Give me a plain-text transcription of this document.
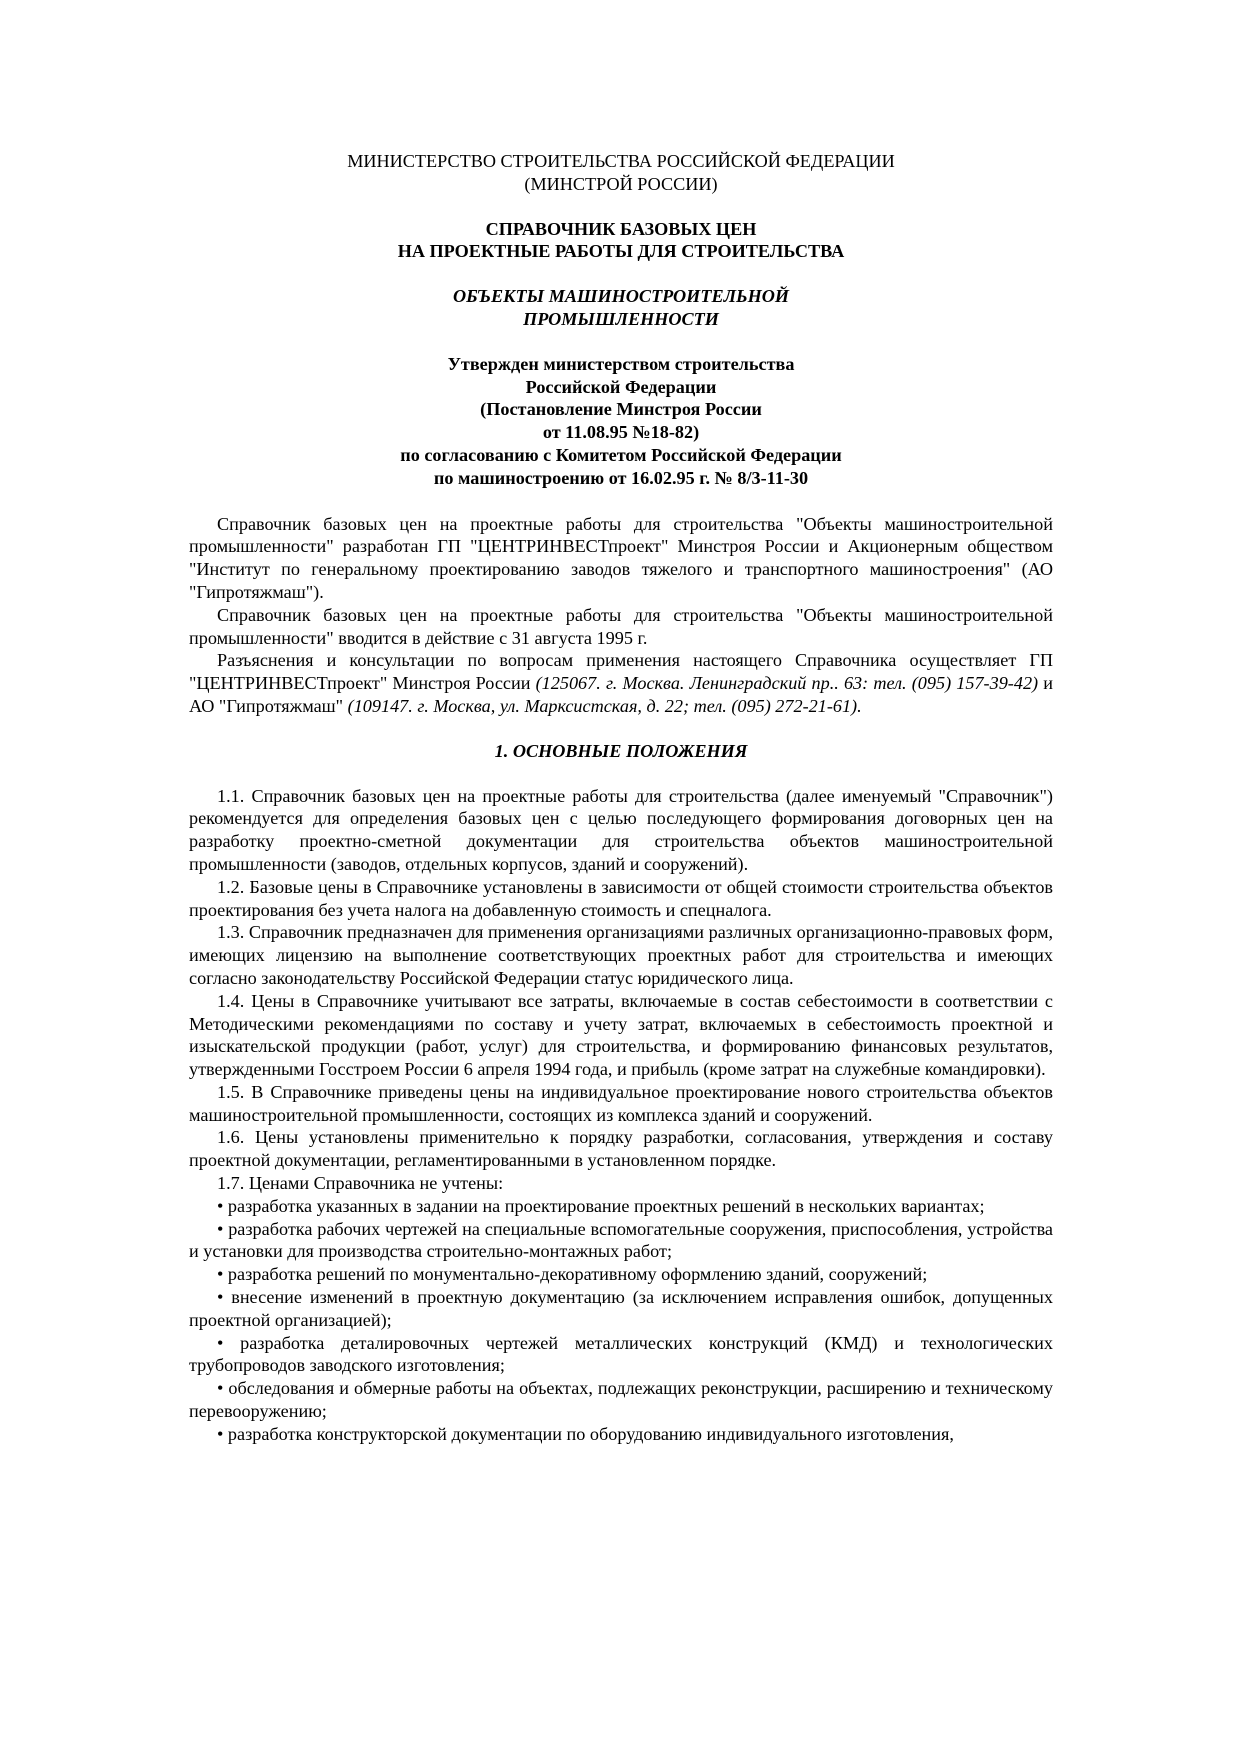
МИНИСТЕРСТВО СТРОИТЕЛЬСТВА РОССИЙСКОЙ ФЕДЕРАЦИИ
(МИНСТРОЙ РОССИИ)
СПРАВОЧНИК БАЗОВЫХ ЦЕН
НА ПРОЕКТНЫЕ РАБОТЫ ДЛЯ СТРОИТЕЛЬСТВА
ОБЪЕКТЫ МАШИНОСТРОИТЕЛЬНОЙ
ПРОМЫШЛЕННОСТИ
Утвержден министерством строительства
Российской Федерации
(Постановление Минстроя России
от 11.08.95 №18-82)
по согласованию с Комитетом Российской Федерации
по машиностроению от 16.02.95 г. № 8/3-11-30

Справочник базовых цен на проектные работы для строительства "Объекты машиностроительной промышленности" разработан ГП "ЦЕНТРИНВЕСТпроект" Минстроя России и Акционерным обществом "Институт по генеральному проектированию заводов тяжелого и транспортного машиностроения" (АО "Гипротяжмаш").

Справочник базовых цен на проектные работы для строительства "Объекты машиностроительной промышленности" вводится в действие с 31 августа 1995 г.

Разъяснения и консультации по вопросам применения настоящего Справочника осуществляет ГП "ЦЕНТРИНВЕСТпроект" Минстроя России (125067. г. Москва. Ленинградский пр.. 63: тел. (095) 157-39-42) и АО "Гипротяжмаш" (109147. г. Москва, ул. Марксистская, д. 22; тел. (095) 272-21-61).

1. ОСНОВНЫЕ ПОЛОЖЕНИЯ

1.1. Справочник базовых цен на проектные работы для строительства (далее именуемый "Справочник") рекомендуется для определения базовых цен с целью последующего формирования договорных цен на разработку проектно-сметной документации для строительства объектов машиностроительной промышленности (заводов, отдельных корпусов, зданий и сооружений).

1.2. Базовые цены в Справочнике установлены в зависимости от общей стоимости строительства объектов проектирования без учета налога на добавленную стоимость и спецналога.

1.3. Справочник предназначен для применения организациями различных организационно-правовых форм, имеющих лицензию на выполнение соответствующих проектных работ для строительства и имеющих согласно законодательству Российской Федерации статус юридического лица.

1.4. Цены в Справочнике учитывают все затраты, включаемые в состав себестоимости в соответствии с Методическими рекомендациями по составу и учету затрат, включаемых в себестоимость проектной и изыскательской продукции (работ, услуг) для строительства, и формированию финансовых результатов, утвержденными Госстроем России 6 апреля 1994 года, и прибыль (кроме затрат на служебные командировки).

1.5. В Справочнике приведены цены на индивидуальное проектирование нового строительства объектов машиностроительной промышленности, состоящих из комплекса зданий и сооружений.

1.6. Цены установлены применительно к порядку разработки, согласования, утверждения и составу проектной документации, регламентированными в установленном порядке.

1.7. Ценами Справочника не учтены:

• разработка указанных в задании на проектирование проектных решений в нескольких вариантах;

• разработка рабочих чертежей на специальные вспомогательные сооружения, приспособления, устройства и установки для производства строительно-монтажных работ;

• разработка решений по монументально-декоративному оформлению зданий, сооружений;

• внесение изменений в проектную документацию (за исключением исправления ошибок, допущенных проектной организацией);

• разработка деталировочных чертежей металлических конструкций (КМД) и технологических трубопроводов заводского изготовления;

• обследования и обмерные работы на объектах, подлежащих реконструкции, расширению и техническому перевооружению;

• разработка конструкторской документации по оборудованию индивидуального изготовления,
